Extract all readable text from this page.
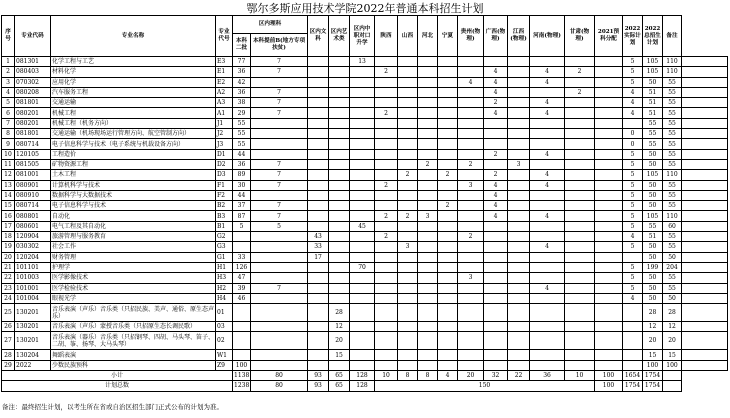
鄂尔多斯应用技术学院2022年普通本科招生计划
序号	专业代码	专业名称	专业代号	区内理科		区内文科	区内艺术类	区内中职对口升学	陕西	山西	河北	宁夏	贵州(物理)	广西(物理)	江西(物理)	河南(物理)	甘肃(物理)	2021预科分配	2022实际计划	2022总招生计划	备注	
				本科二批	本科提前B(地方专项扶贫)																	
1	081301	化学工程与工艺	E3	77	7			13											5	105	110	
2	080403	材料化学	E1	36	7				2					4		4	2		5	105	110	
3	070302	应用化学	E2	42									4	4		4			5	50	55	
4	080208	汽车服务工程	A2	36	7									4			2		4	51	55	
5	081801	交通运输	A3	38	7									2		4			4	51	55	
6	080201	机械工程	A1	29	7				2					4		4			4	51	55	
7	080201	机械工程（机务方向）	J1	55																55	55	
8	081801	交通运输（机场现场运行管理方向、航空管制方向）	J2	55															0	55	55	
9	080714	电子信息科学与技术（电子系统与机载设备方向）	J3	55															0	55	55	
10	120105	工程造价	D1	44										2		4			5	50	55	
11	081505	矿物资源工程	D2	36	7						2		2		3				5	50	55	
12	081001	土木工程	D3	89	7					2		2		2		4			5	105	110	
13	080901	计算机科学与技术	F1	30	7				2				3	4		4			5	50	55	
14	080910	数据科学与大数据技术	F2	44										4					5	50	55	
15	080714	电子信息科学与技术	B2	37	7							2		4					5	50	55	
16	080801	自动化	B3	87	7				2	2	3			4		4			5	105	110	
17	080601	电气工程及其自动化	B1	5	5			45											5	55	60	
18	120904	旅游管理与服务教育	G2			43			2				2						4	51	55	
19	030302	社会工作	G3			33				3						4			5	50	55	
20	120204	财务管理	G1	33		17														50	50	
21	101101	护理学	H1	126				70											5	199	204	
22	101003	医学影像技术	H3	47									3						5	50	55	
23	101001	医学检验技术	H2	39	7											4			5	50	55	
24	101004	眼视光学	H4	46															4	50	50	
25	130201	音乐表演（声乐）音乐类（只招民族、美声、通俗、原生态声乐）	01				28													28	28	
26	130201	音乐表演（声乐）蒙授音乐类（只招原生态长调民歌）	03				12													12	12	
27	130201	音乐表演（器乐）音乐类（只招钢琴、四胡、马头琴、笛子、二胡、筝、扬琴、大马头琴）	02				20													20	20	
28	130204	舞蹈表演	W1				15													15	15	
29	2022	少数民族预科	Z9	100																100	100	
小计				1138	80	93	65	128	10	8	8	4	20	32	22	36	10	100	1654	1754		
计划总数				1238	80	93	65	128	150									100	1754	1754		
备注：最终招生计划，以考生所在省或自治区招生部门正式公布的计划为准。
